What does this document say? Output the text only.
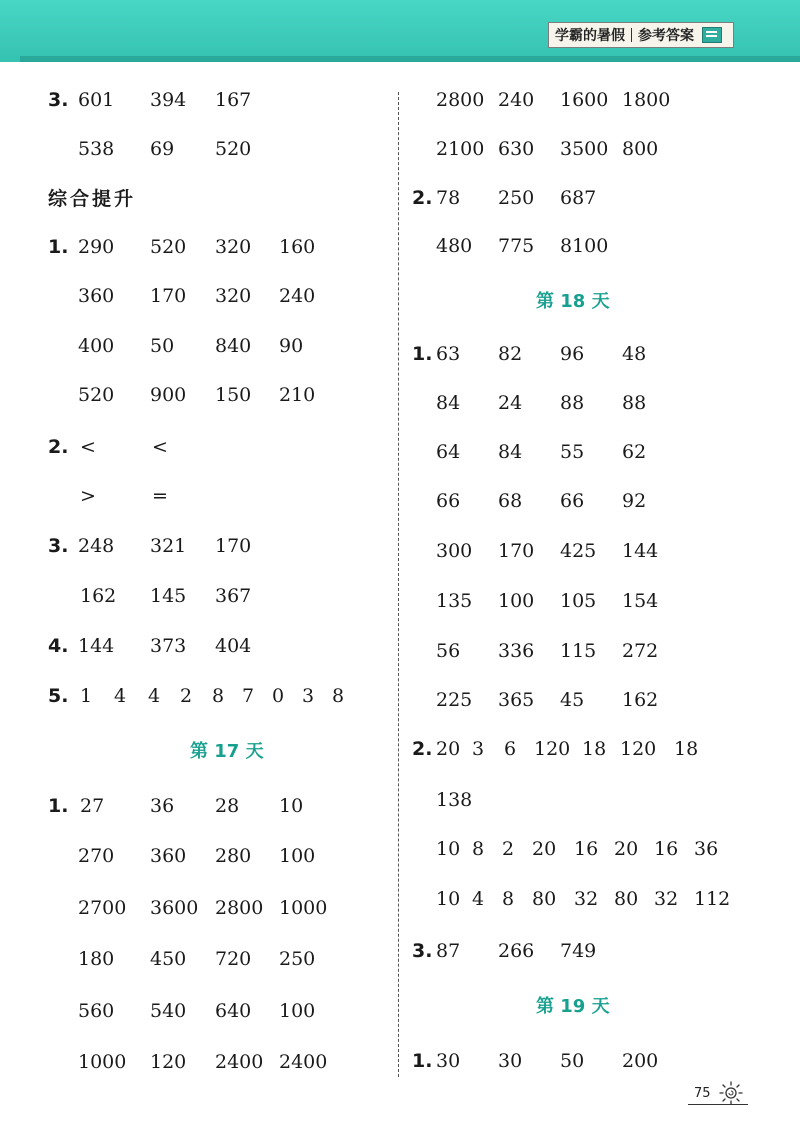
学霸的暑假 参考答案
3. 601 394 167
538 69 520
综合提升
1. 290 520 320 160
360 170 320 240
400 50 840 90
520 900 150 210
2. <	<
>	=
3. 248 321 170
162 145 367
4. 144 373 404
5. 1 4 4 2 8 7 0 3 8
第 17 天
1. 27 36 28 10
270 360 280 100
2700 3600 2800 1000
180 450 720 250
560 540 640 100
1000 120 2400 2400
2800 240 1600 1800
2100 630 3500 800
2. 78 250 687
480 775 8100
第 18 天
1. 63 82 96 48
84 24 88 88
64 84 55 62
66 68 66 92
300 170 425 144
135 100 105 154
56 336 115 272
225 365 45 162
2. 20 3 6 120 18 120 18
138
10 8 2 20 16 20 16 36
10 4 8 80 32 80 32 112
3. 87 266 749
第 19 天
1. 30 30 50 200
75
